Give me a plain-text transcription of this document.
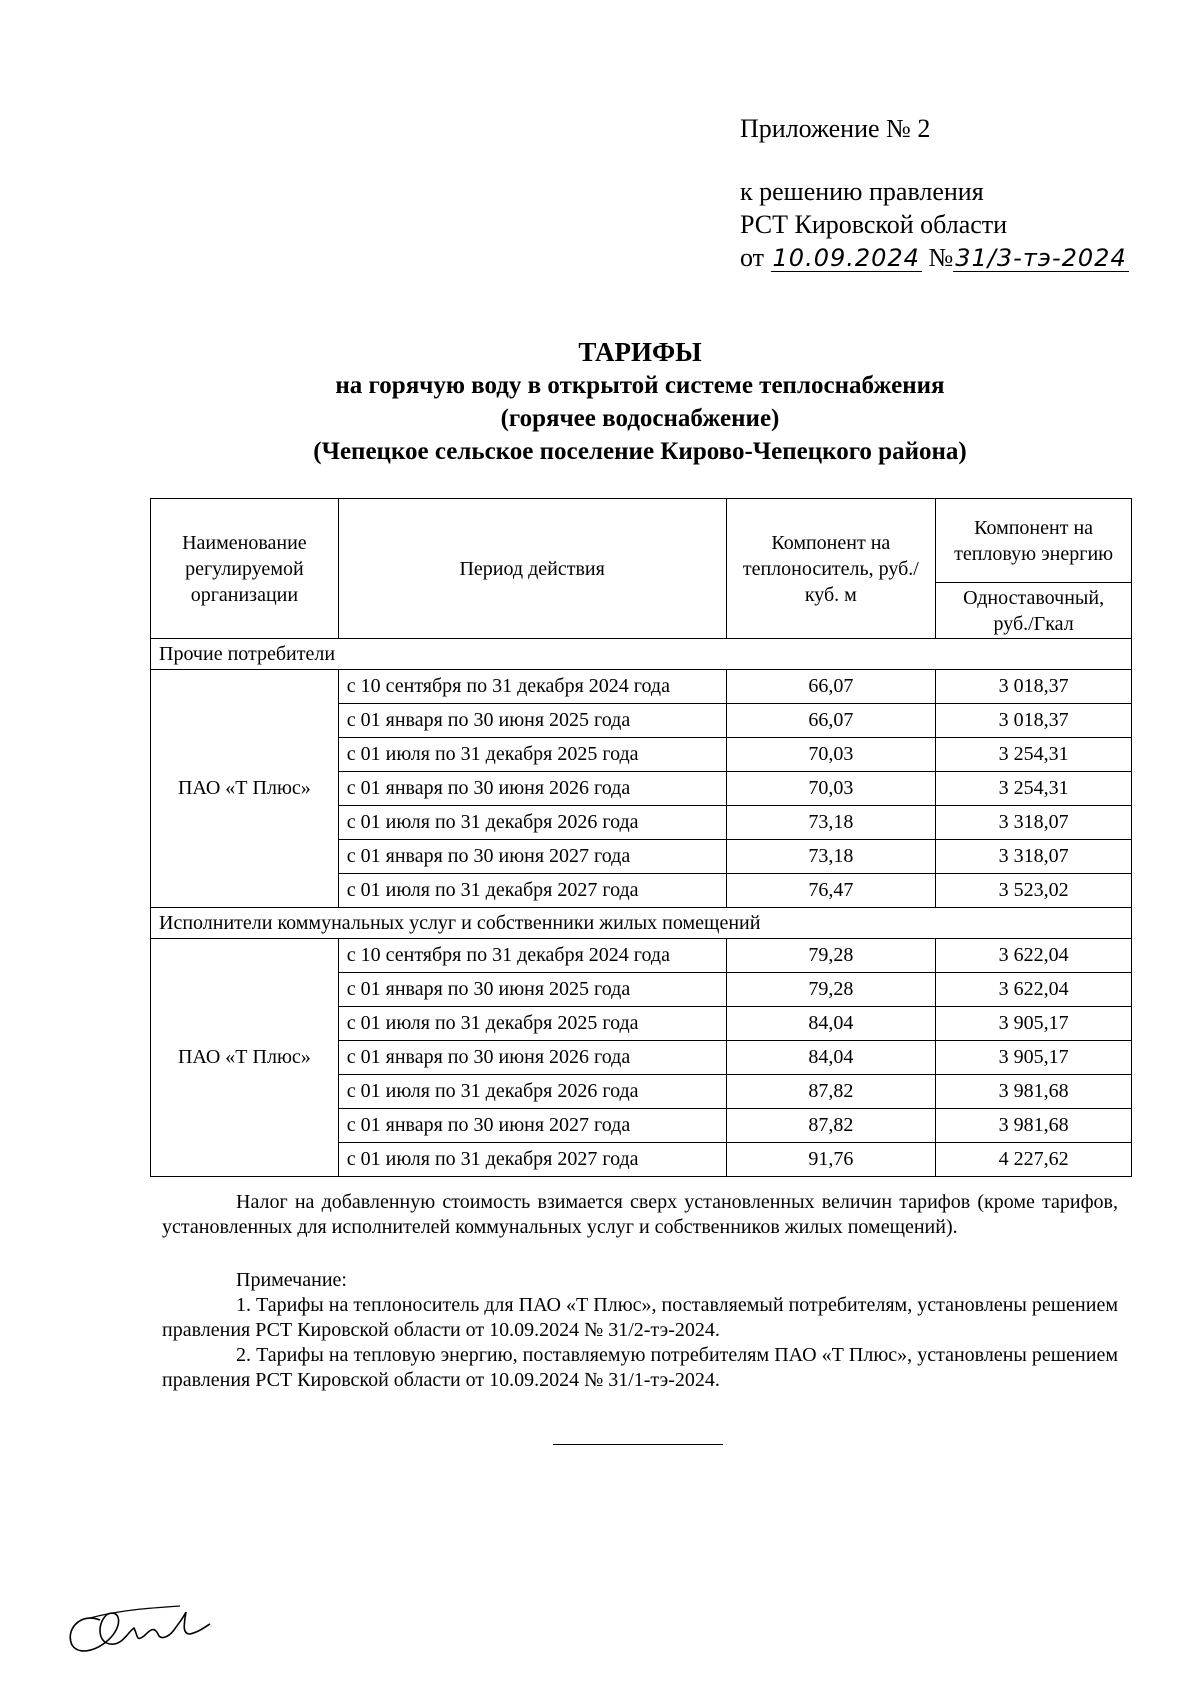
Приложение № 2
к решению правления
РСТ Кировской области
от 10.09.2024 №31/3-тэ-2024
ТАРИФЫ
на горячую воду в открытой системе теплоснабжения
(горячее водоснабжение)
(Чепецкое сельское поселение Кирово-Чепецкого района)
Наименование регулируемой организации	Период действия	Компонент на теплоноситель, руб./куб. м	Компонент на тепловую энергию
			Одноставочный, руб./Гкал
Прочие потребители			
ПАО «Т Плюс»	с 10 сентября по 31 декабря 2024 года	66,07	3 018,37
	с 01 января по 30 июня 2025 года	66,07	3 018,37
	с 01 июля по 31 декабря 2025 года	70,03	3 254,31
	с 01 января по 30 июня 2026 года	70,03	3 254,31
	с 01 июля по 31 декабря 2026 года	73,18	3 318,07
	с 01 января по 30 июня 2027 года	73,18	3 318,07
	с 01 июля по 31 декабря 2027 года	76,47	3 523,02
Исполнители коммунальных услуг и собственники жилых помещений			
ПАО «Т Плюс»	с 10 сентября по 31 декабря 2024 года	79,28	3 622,04
	с 01 января по 30 июня 2025 года	79,28	3 622,04
	с 01 июля по 31 декабря 2025 года	84,04	3 905,17
	с 01 января по 30 июня 2026 года	84,04	3 905,17
	с 01 июля по 31 декабря 2026 года	87,82	3 981,68
	с 01 января по 30 июня 2027 года	87,82	3 981,68
	с 01 июля по 31 декабря 2027 года	91,76	4 227,62

Налог на добавленную стоимость взимается сверх установленных величин тарифов (кроме тарифов, установленных для исполнителей коммунальных услуг и собственников жилых помещений).

Примечание:

1. Тарифы на теплоноситель для ПАО «Т Плюс», поставляемый потребителям, установлены решением правления РСТ Кировской области от 10.09.2024 № 31/2-тэ-2024.

2. Тарифы на тепловую энергию, поставляемую потребителям ПАО «Т Плюс», установлены решением правления РСТ Кировской области от 10.09.2024 № 31/1-тэ-2024.
